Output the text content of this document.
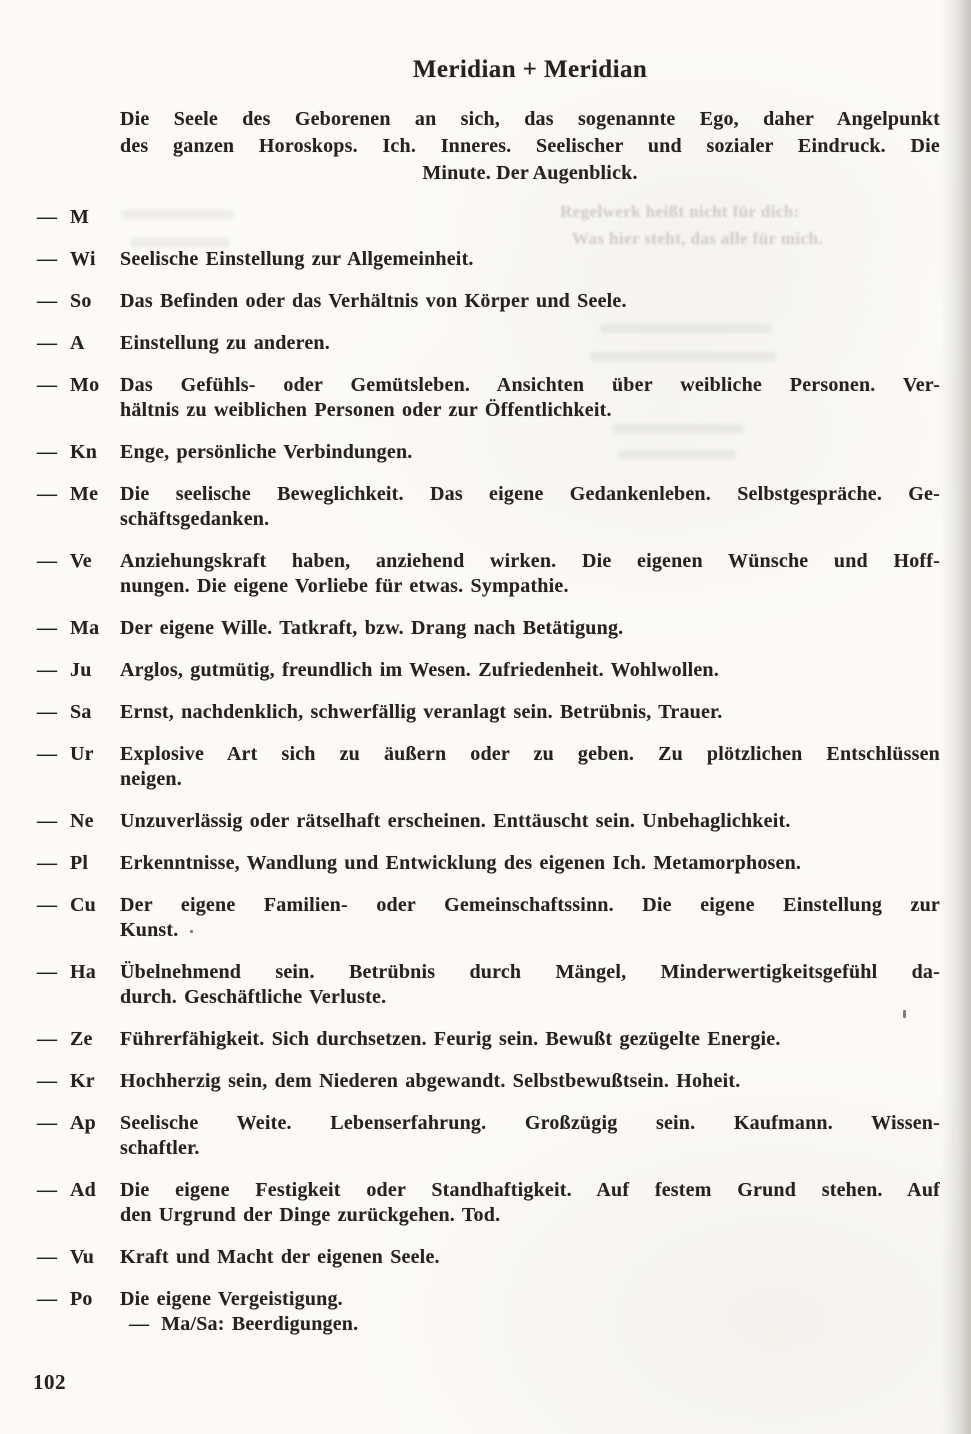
Regelwerk heißt nicht für dich:
Was hier steht, das alle für mich.
Meridian + Meridian
Die Seele des Geborenen an sich, das sogenannte Ego, daher Angelpunkt
des ganzen Horoskops. Ich. Inneres. Seelischer und sozialer Eindruck. Die
Minute. Der Augenblick.
— M
— Wi	Seelische Einstellung zur Allgemeinheit.
— So	Das Befinden oder das Verhältnis von Körper und Seele.
— A	Einstellung zu anderen.
— Mo	Das Gefühls- oder Gemütsleben. Ansichten über weibliche Personen. Ver-
hältnis zu weiblichen Personen oder zur Öffentlichkeit.
— Kn	Enge, persönliche Verbindungen.
— Me	Die seelische Beweglichkeit. Das eigene Gedankenleben. Selbstgespräche. Ge-
schäftsgedanken.
— Ve	Anziehungskraft haben, anziehend wirken. Die eigenen Wünsche und Hoff-
nungen. Die eigene Vorliebe für etwas. Sympathie.
— Ma	Der eigene Wille. Tatkraft, bzw. Drang nach Betätigung.
— Ju	Arglos, gutmütig, freundlich im Wesen. Zufriedenheit. Wohlwollen.
— Sa	Ernst, nachdenklich, schwerfällig veranlagt sein. Betrübnis, Trauer.
— Ur	Explosive Art sich zu äußern oder zu geben. Zu plötzlichen Entschlüssen
neigen.
— Ne	Unzuverlässig oder rätselhaft erscheinen. Enttäuscht sein. Unbehaglichkeit.
— Pl	Erkenntnisse, Wandlung und Entwicklung des eigenen Ich. Metamorphosen.
— Cu	Der eigene Familien- oder Gemeinschaftssinn. Die eigene Einstellung zur
Kunst.
— Ha	Übelnehmend sein. Betrübnis durch Mängel, Minderwertigkeitsgefühl da-
durch. Geschäftliche Verluste.
— Ze	Führerfähigkeit. Sich durchsetzen. Feurig sein. Bewußt gezügelte Energie.
— Kr	Hochherzig sein, dem Niederen abgewandt. Selbstbewußtsein. Hoheit.
— Ap	Seelische Weite. Lebenserfahrung. Großzügig sein. Kaufmann. Wissen-
schaftler.
— Ad	Die eigene Festigkeit oder Standhaftigkeit. Auf festem Grund stehen. Auf
den Urgrund der Dinge zurückgehen. Tod.
— Vu	Kraft und Macht der eigenen Seele.
— Po	Die eigene Vergeistigung.
— Ma/Sa: Beerdigungen.
102
